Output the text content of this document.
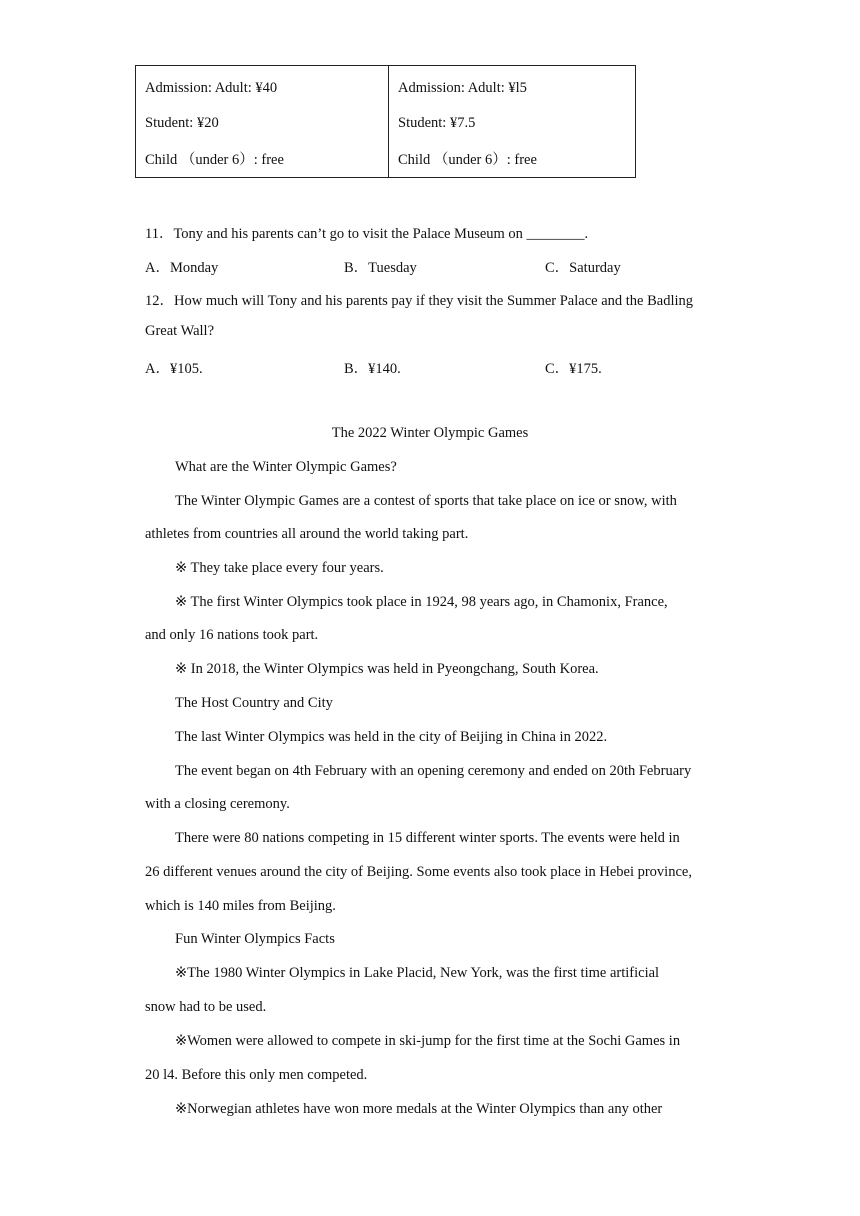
Admission: Adult: ¥40
Student: ¥20
Child （under 6）: free
Admission: Adult: ¥l5
Student: ¥7.5
Child （under 6）: free
11．Tony and his parents can’t go to visit the Palace Museum on ________.
A．Monday	B．Tuesday	C．Saturday
12．How much will Tony and his parents pay if they visit the Summer Palace and the Badling
Great Wall?
A．¥105.	B．¥140.	C．¥175.
The 2022 Winter Olympic Games
What are the Winter Olympic Games?
The Winter Olympic Games are a contest of sports that take place on ice or snow, with
athletes from countries all around the world taking part.
※ They take place every four years.
※ The first Winter Olympics took place in 1924, 98 years ago, in Chamonix, France,
and only 16 nations took part.
※ In 2018, the Winter Olympics was held in Pyeongchang, South Korea.
The Host Country and City
The last Winter Olympics was held in the city of Beijing in China in 2022.
The event began on 4th February with an opening ceremony and ended on 20th February
with a closing ceremony.
There were 80 nations competing in 15 different winter sports. The events were held in
26 different venues around the city of Beijing. Some events also took place in Hebei province,
which is 140 miles from Beijing.
Fun Winter Olympics Facts
※The 1980 Winter Olympics in Lake Placid, New York, was the first time artificial
snow had to be used.
※Women were allowed to compete in ski-jump for the first time at the Sochi Games in
20 l4. Before this only men competed.
※Norwegian athletes have won more medals at the Winter Olympics than any other
